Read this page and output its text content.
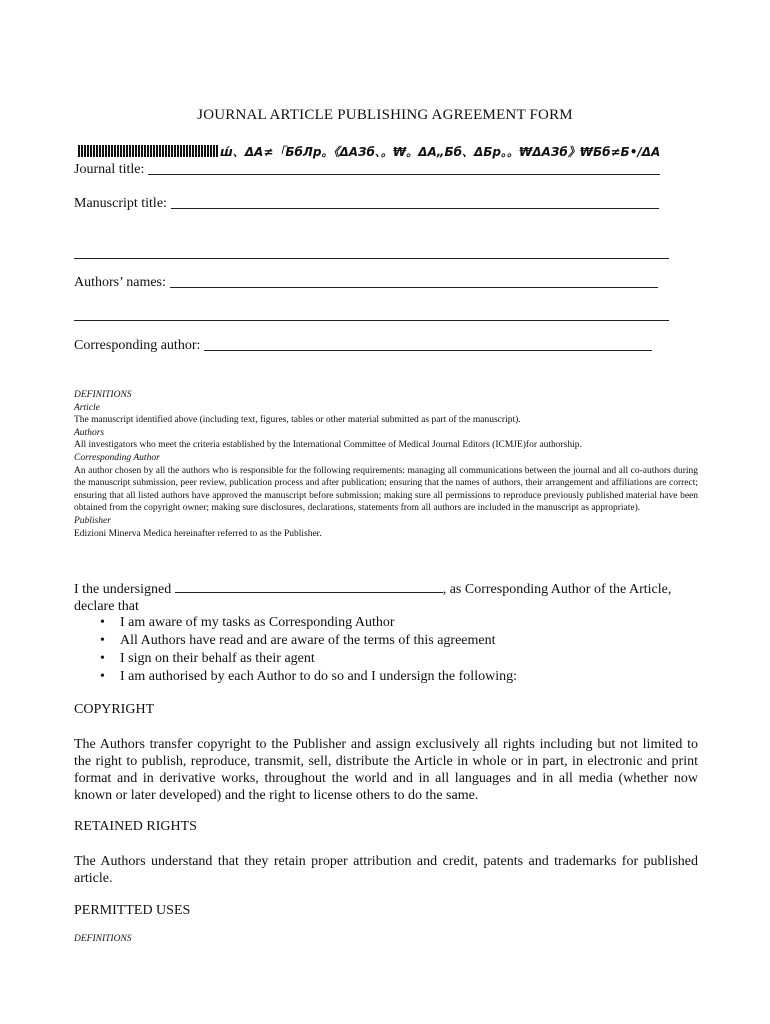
JOURNAL ARTICLE PUBLISHING AGREEMENT FORM
ш́、ΔΑ≠「БбЛр。《ΔΑЗб、。₩。ΔΑ„Бб、ΔБр。。₩ΔΑЗб》₩Бб≠Б•/ΔΑ
Journal title:
Manuscript title:
Authors’ names:
Corresponding author:
DEFINITIONS
Article
The manuscript identified above (including text, figures, tables or other material submitted as part of the manuscript).
Authors
All investigators who meet the criteria established by the International Committee of Medical Journal Editors (ICMJE)for authorship.
Corresponding Author
An author chosen by all the authors who is responsible for the following requirements: managing all communications between the journal and all co-authors during the manuscript submission, peer review, publication process and after publication; ensuring that the names of authors, their arrangement and affiliations are correct; ensuring that all listed authors have approved the manuscript before submission; making sure all permissions to reproduce previously published material have been obtained from the copyright owner; making sure disclosures, declarations, statements from all authors are included in the manuscript as appropriate).
Publisher
Edizioni Minerva Medica hereinafter referred to as the Publisher.
I the undersigned	, as Corresponding Author of the Article, declare that
• I am aware of my tasks as Corresponding Author
• All Authors have read and are aware of the terms of this agreement
• I sign on their behalf as their agent
• I am authorised by each Author to do so and I undersign the following:
COPYRIGHT
The Authors transfer copyright to the Publisher and assign exclusively all rights including but not limited to the right to publish, reproduce, transmit, sell, distribute the Article in whole or in part, in electronic and print format and in derivative works, throughout the world and in all languages and in all media (whether now known or later developed) and the right to license others to do the same.
RETAINED RIGHTS
The Authors understand that they retain proper attribution and credit, patents and trademarks for published article.
PERMITTED USES
DEFINITIONS
